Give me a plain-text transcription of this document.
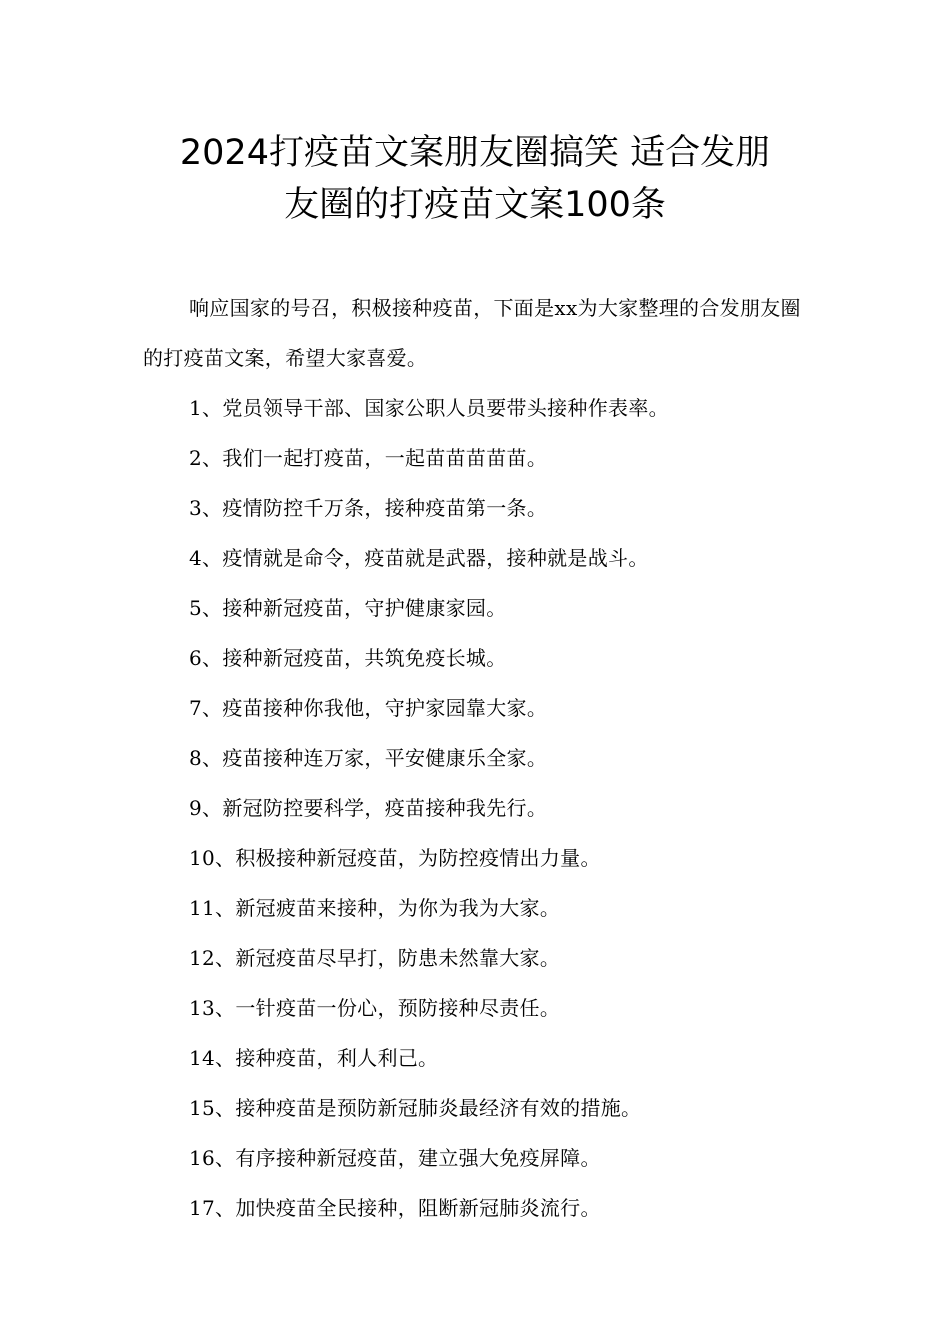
2024打疫苗文案朋友圈搞笑 适合发朋
友圈的打疫苗文案100条

响应国家的号召，积极接种疫苗，下面是xx为大家整理的合发朋友圈的打疫苗文案，希望大家喜爱。

1、党员领导干部、国家公职人员要带头接种作表率。
2、我们一起打疫苗，一起苗苗苗苗苗。
3、疫情防控千万条，接种疫苗第一条。
4、疫情就是命令，疫苗就是武器，接种就是战斗。
5、接种新冠疫苗，守护健康家园。
6、接种新冠疫苗，共筑免疫长城。
7、疫苗接种你我他，守护家园靠大家。
8、疫苗接种连万家，平安健康乐全家。
9、新冠防控要科学，疫苗接种我先行。
10、积极接种新冠疫苗，为防控疫情出力量。
11、新冠疲苗来接种，为你为我为大家。
12、新冠疫苗尽早打，防患未然靠大家。
13、一针疫苗一份心，预防接种尽责任。
14、接种疫苗，利人利己。
15、接种疫苗是预防新冠肺炎最经济有效的措施。
16、有序接种新冠疫苗，建立强大免疫屏障。
17、加快疫苗全民接种，阻断新冠肺炎流行。
